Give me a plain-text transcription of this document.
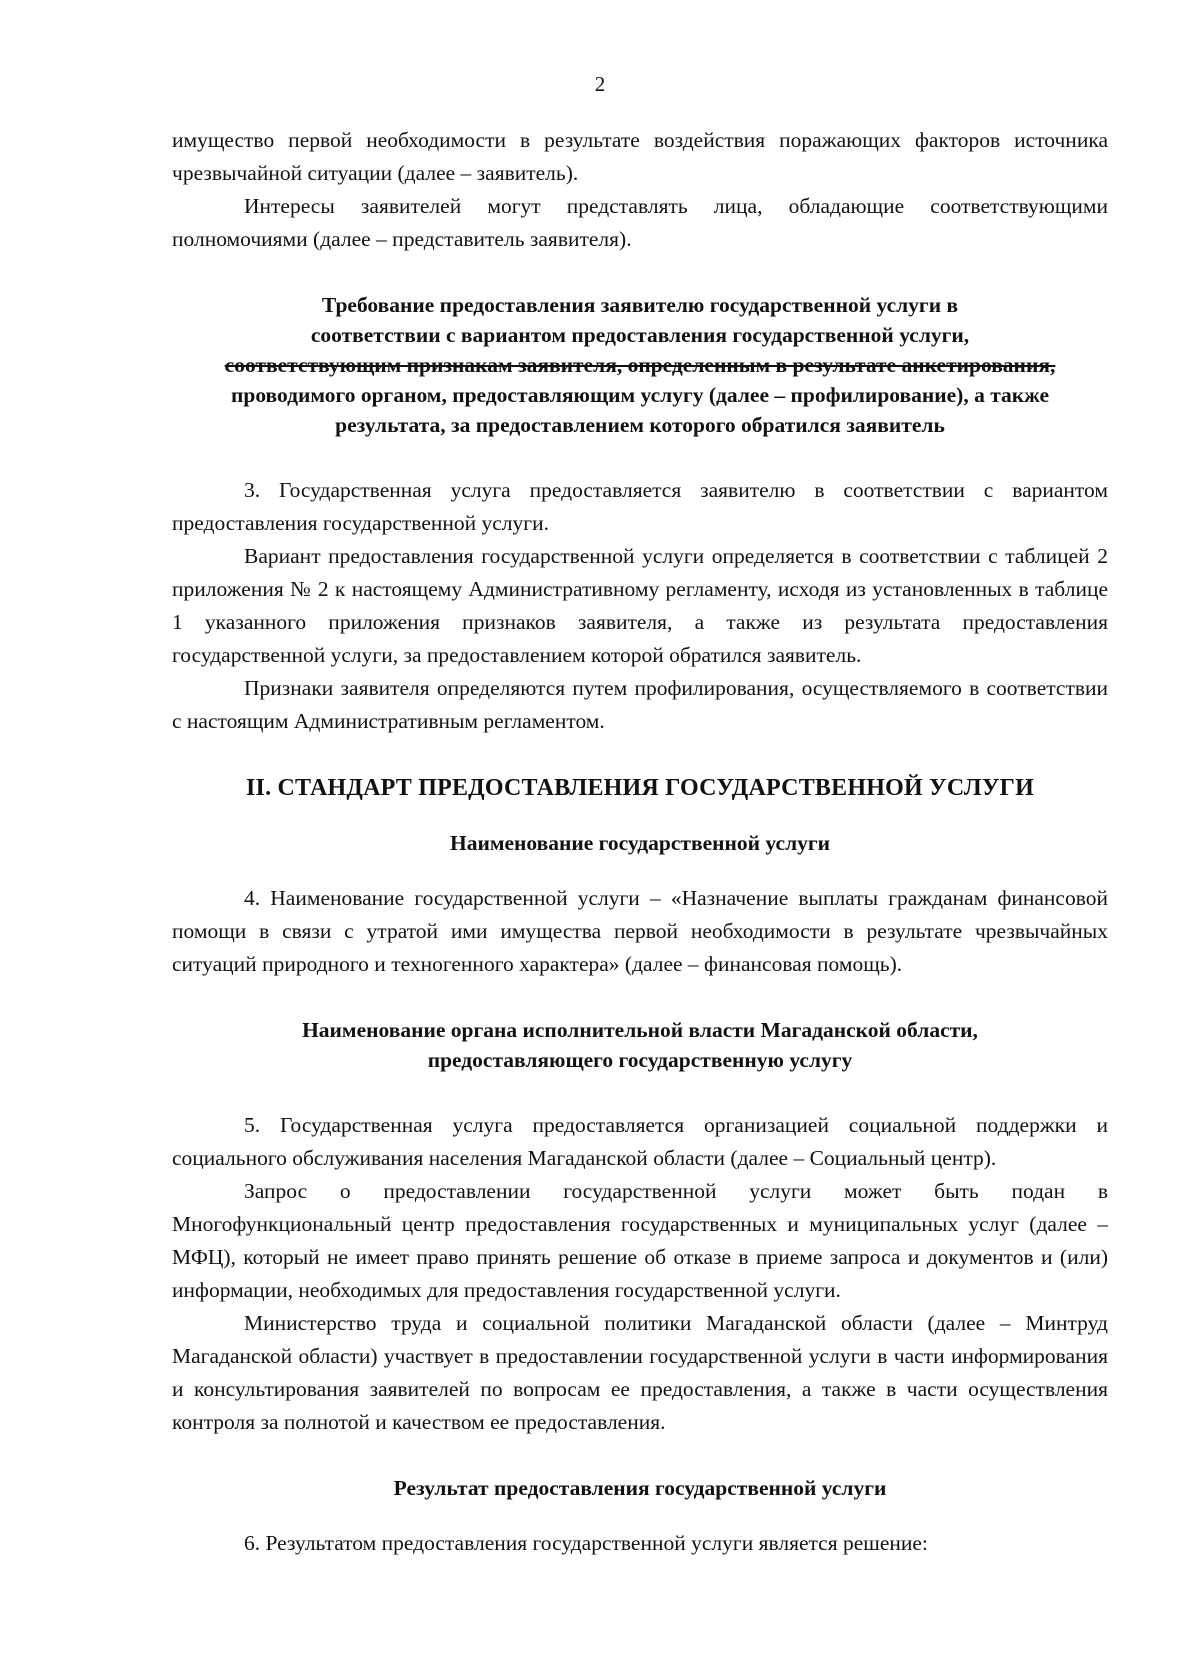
2

имущество первой необходимости в результате воздействия поражающих факторов источника чрезвычайной ситуации (далее – заявитель).

Интересы заявителей могут представлять лица, обладающие соответствующими полномочиями (далее – представитель заявителя).

Требование предоставления заявителю государственной услуги в

соответствии с вариантом предоставления государственной услуги,

соответствующим признакам заявителя, определенным в результате анкетирования,

проводимого органом, предоставляющим услугу (далее – профилирование), а также

результата, за предоставлением которого обратился заявитель

3. Государственная услуга предоставляется заявителю в соответствии с вариантом предоставления государственной услуги.

Вариант предоставления государственной услуги определяется в соответствии с таблицей 2 приложения № 2 к настоящему Административному регламенту, исходя из установленных в таблице 1 указанного приложения признаков заявителя, а также из результата предоставления государственной услуги, за предоставлением которой обратился заявитель.

Признаки заявителя определяются путем профилирования, осуществляемого в соответствии с настоящим Административным регламентом.

II. СТАНДАРТ ПРЕДОСТАВЛЕНИЯ ГОСУДАРСТВЕННОЙ УСЛУГИ

Наименование государственной услуги

4. Наименование государственной услуги – «Назначение выплаты гражданам финансовой помощи в связи с утратой ими имущества первой необходимости в результате чрезвычайных ситуаций природного и техногенного характера» (далее – финансовая помощь).

Наименование органа исполнительной власти Магаданской области,

предоставляющего государственную услугу

5. Государственная услуга предоставляется организацией социальной поддержки и социального обслуживания населения Магаданской области (далее – Социальный центр).

Запрос о предоставлении государственной услуги может быть подан в Многофункциональный центр предоставления государственных и муниципальных услуг (далее – МФЦ), который не имеет право принять решение об отказе в приеме запроса и документов и (или) информации, необходимых для предоставления государственной услуги.

Министерство труда и социальной политики Магаданской области (далее – Минтруд Магаданской области) участвует в предоставлении государственной услуги в части информирования и консультирования заявителей по вопросам ее предоставления, а также в части осуществления контроля за полнотой и качеством ее предоставления.

Результат предоставления государственной услуги

6. Результатом предоставления государственной услуги является решение:
